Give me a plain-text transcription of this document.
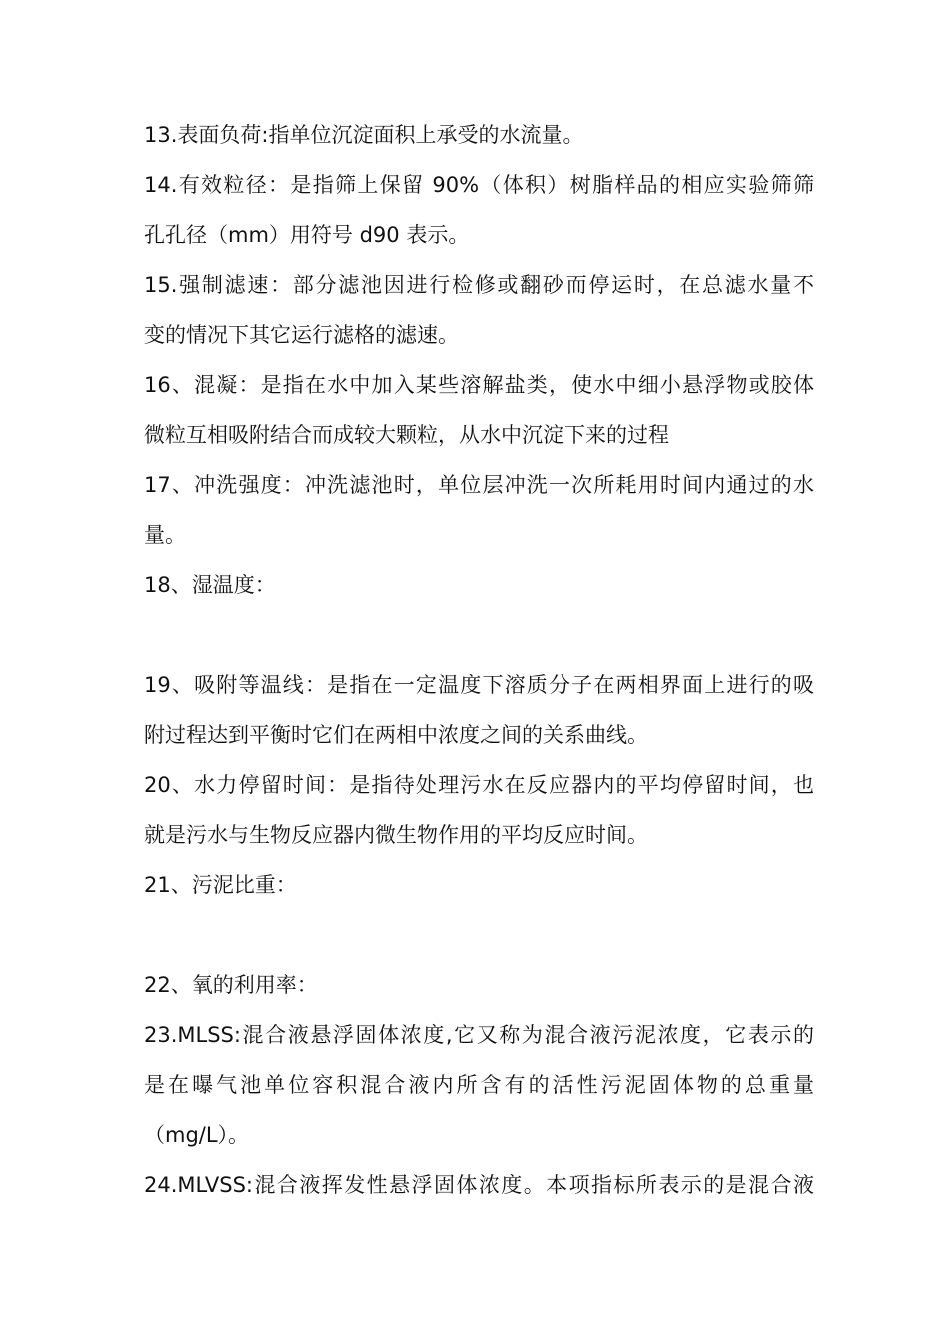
13.表面负荷:指单位沉淀面积上承受的水流量。
14.有效粒径：是指筛上保留 90%（体积）树脂样品的相应实验筛筛
孔孔径（mm）用符号 d90 表示。
15.强制滤速：部分滤池因进行检修或翻砂而停运时，在总滤水量不
变的情况下其它运行滤格的滤速。
16、混凝：是指在水中加入某些溶解盐类，使水中细小悬浮物或胶体
微粒互相吸附结合而成较大颗粒，从水中沉淀下来的过程
17、冲洗强度：冲洗滤池时，单位层冲洗一次所耗用时间内通过的水
量。
18、湿温度：
19、吸附等温线：是指在一定温度下溶质分子在两相界面上进行的吸
附过程达到平衡时它们在两相中浓度之间的关系曲线。
20、水力停留时间：是指待处理污水在反应器内的平均停留时间，也
就是污水与生物反应器内微生物作用的平均反应时间。
21、污泥比重：
22、氧的利用率：
23.MLSS:混合液悬浮固体浓度,它又称为混合液污泥浓度，它表示的
是在曝气池单位容积混合液内所含有的活性污泥固体物的总重量
（mg/L）。
24.MLVSS:混合液挥发性悬浮固体浓度。本项指标所表示的是混合液
